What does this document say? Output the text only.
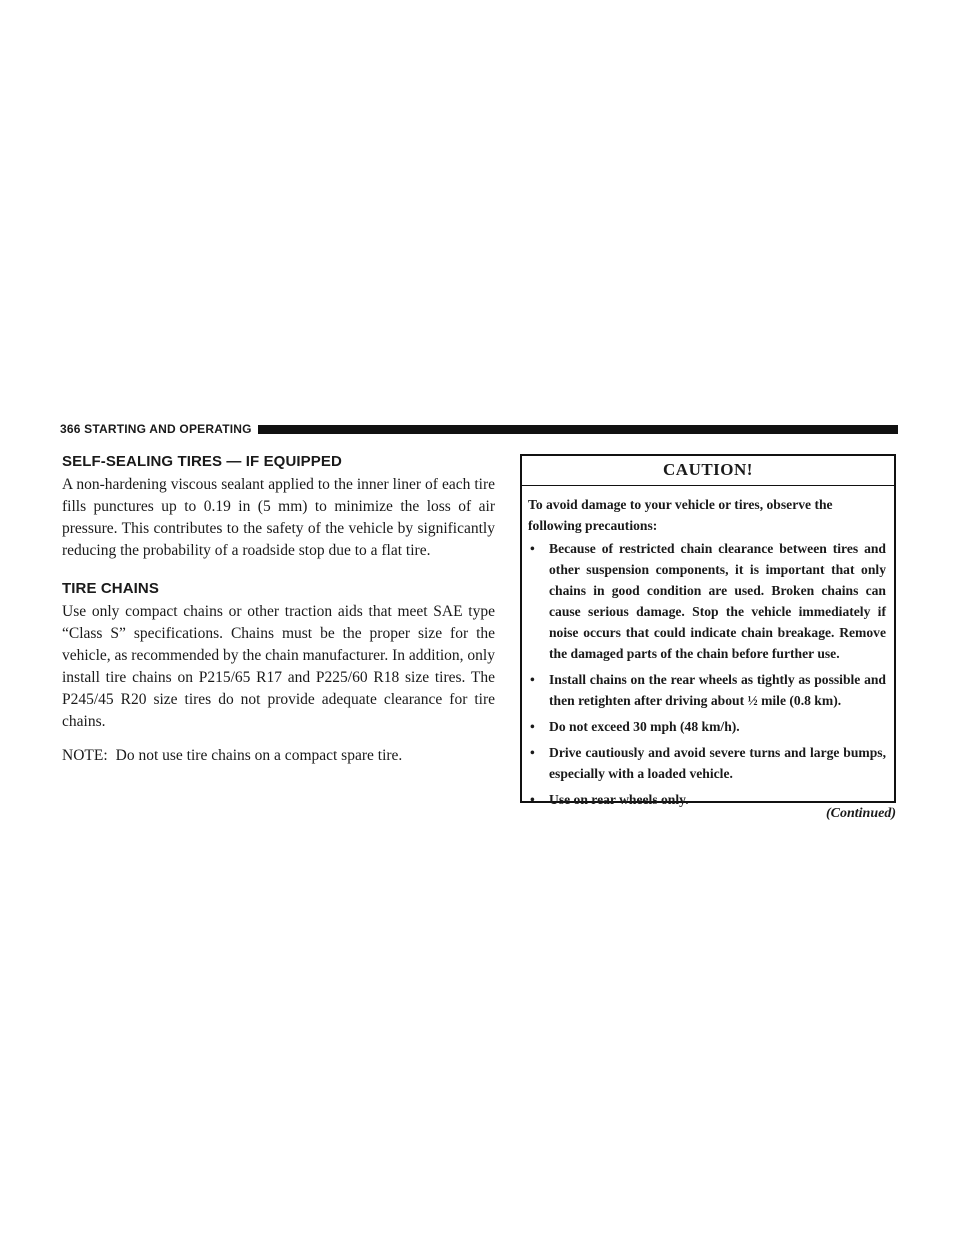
366 STARTING AND OPERATING
SELF-SEALING TIRES — IF EQUIPPED

A non-hardening viscous sealant applied to the inner liner of each tire fills punctures up to 0.19 in (5 mm) to minimize the loss of air pressure. This contributes to the safety of the vehicle by significantly reducing the probability of a roadside stop due to a flat tire.

TIRE CHAINS

Use only compact chains or other traction aids that meet SAE type “Class S” specifications. Chains must be the proper size for the vehicle, as recommended by the chain manufacturer. In addition, only install tire chains on P215/65 R17 and P225/60 R18 size tires. The P245/45 R20 size tires do not provide adequate clearance for tire chains.

NOTE: Do not use tire chains on a compact spare tire.
CAUTION!

To avoid damage to your vehicle or tires, observe the following precautions:

• Because of restricted chain clearance between tires and other suspension components, it is important that only chains in good condition are used. Broken chains can cause serious damage. Stop the vehicle immediately if noise occurs that could indicate chain breakage. Remove the damaged parts of the chain before further use.
• Install chains on the rear wheels as tightly as possible and then retighten after driving about ½ mile (0.8 km).
• Do not exceed 30 mph (48 km/h).
• Drive cautiously and avoid severe turns and large bumps, especially with a loaded vehicle.
• Use on rear wheels only.
(Continued)
